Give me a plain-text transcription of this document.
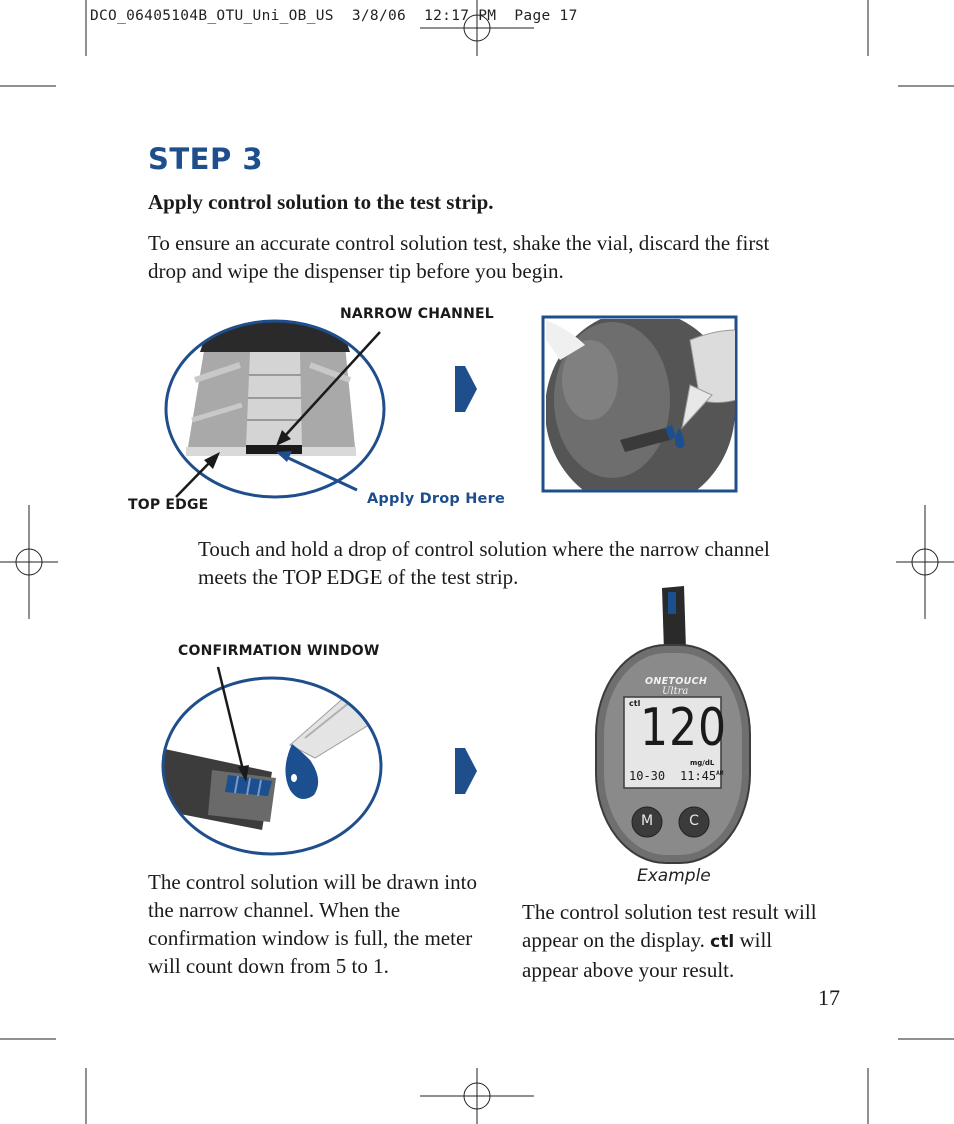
DCO_06405104B_OTU_Uni_OB_US  3/8/06  12:17 PM  Page 17
STEP 3
Apply control solution to the test strip.
To ensure an accurate control solution test, shake the vial, discard the first drop and wipe the dispenser tip before you begin.
NARROW CHANNEL
TOP EDGE	Apply Drop Here
Touch and hold a drop of control solution where the narrow channel meets the TOP EDGE of the test strip.
CONFIRMATION WINDOW
ONETOUCH
Ultra
ctl 120
mg/dL
10-30 $11:45^{AM}$
M	C
Example
The control solution will be drawn into the narrow channel. When the confirmation window is full, the meter will count down from 5 to 1.
The control solution test result will appear on the display. ctl will appear above your result.
17
